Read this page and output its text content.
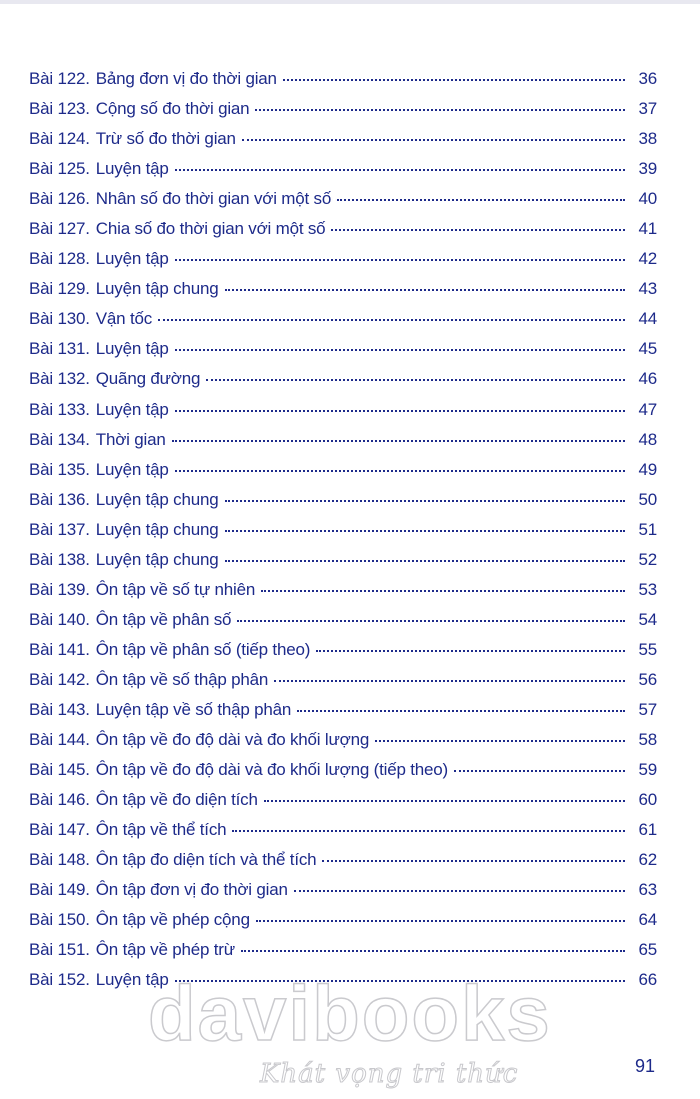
Bài 122. Bảng đơn vị đo thời gian	36
Bài 123. Cộng số đo thời gian	37
Bài 124. Trừ số đo thời gian	38
Bài 125. Luyện tập	39
Bài 126. Nhân số đo thời gian với một số	40
Bài 127. Chia số đo thời gian với một số	41
Bài 128. Luyện tập	42
Bài 129. Luyện tập chung	43
Bài 130. Vận tốc	44
Bài 131. Luyện tập	45
Bài 132. Quãng đường	46
Bài 133. Luyện tập	47
Bài 134. Thời gian	48
Bài 135. Luyện tập	49
Bài 136. Luyện tập chung	50
Bài 137. Luyện tập chung	51
Bài 138. Luyện tập chung	52
Bài 139. Ôn tập về số tự nhiên	53
Bài 140. Ôn tập về phân số	54
Bài 141. Ôn tập về phân số (tiếp theo)	55
Bài 142. Ôn tập về số thập phân	56
Bài 143. Luyện tập về số thập phân	57
Bài 144. Ôn tập về đo độ dài và đo khối lượng	58
Bài 145. Ôn tập về đo độ dài và đo khối lượng (tiếp theo)	59
Bài 146. Ôn tập về đo diện tích	60
Bài 147. Ôn tập về thể tích	61
Bài 148. Ôn tập đo diện tích và thể tích	62
Bài 149. Ôn tập đơn vị đo thời gian	63
Bài 150. Ôn tập về phép cộng	64
Bài 151. Ôn tập về phép trừ	65
Bài 152. Luyện tập	66
davibooks
Khát vọng tri thức	91
